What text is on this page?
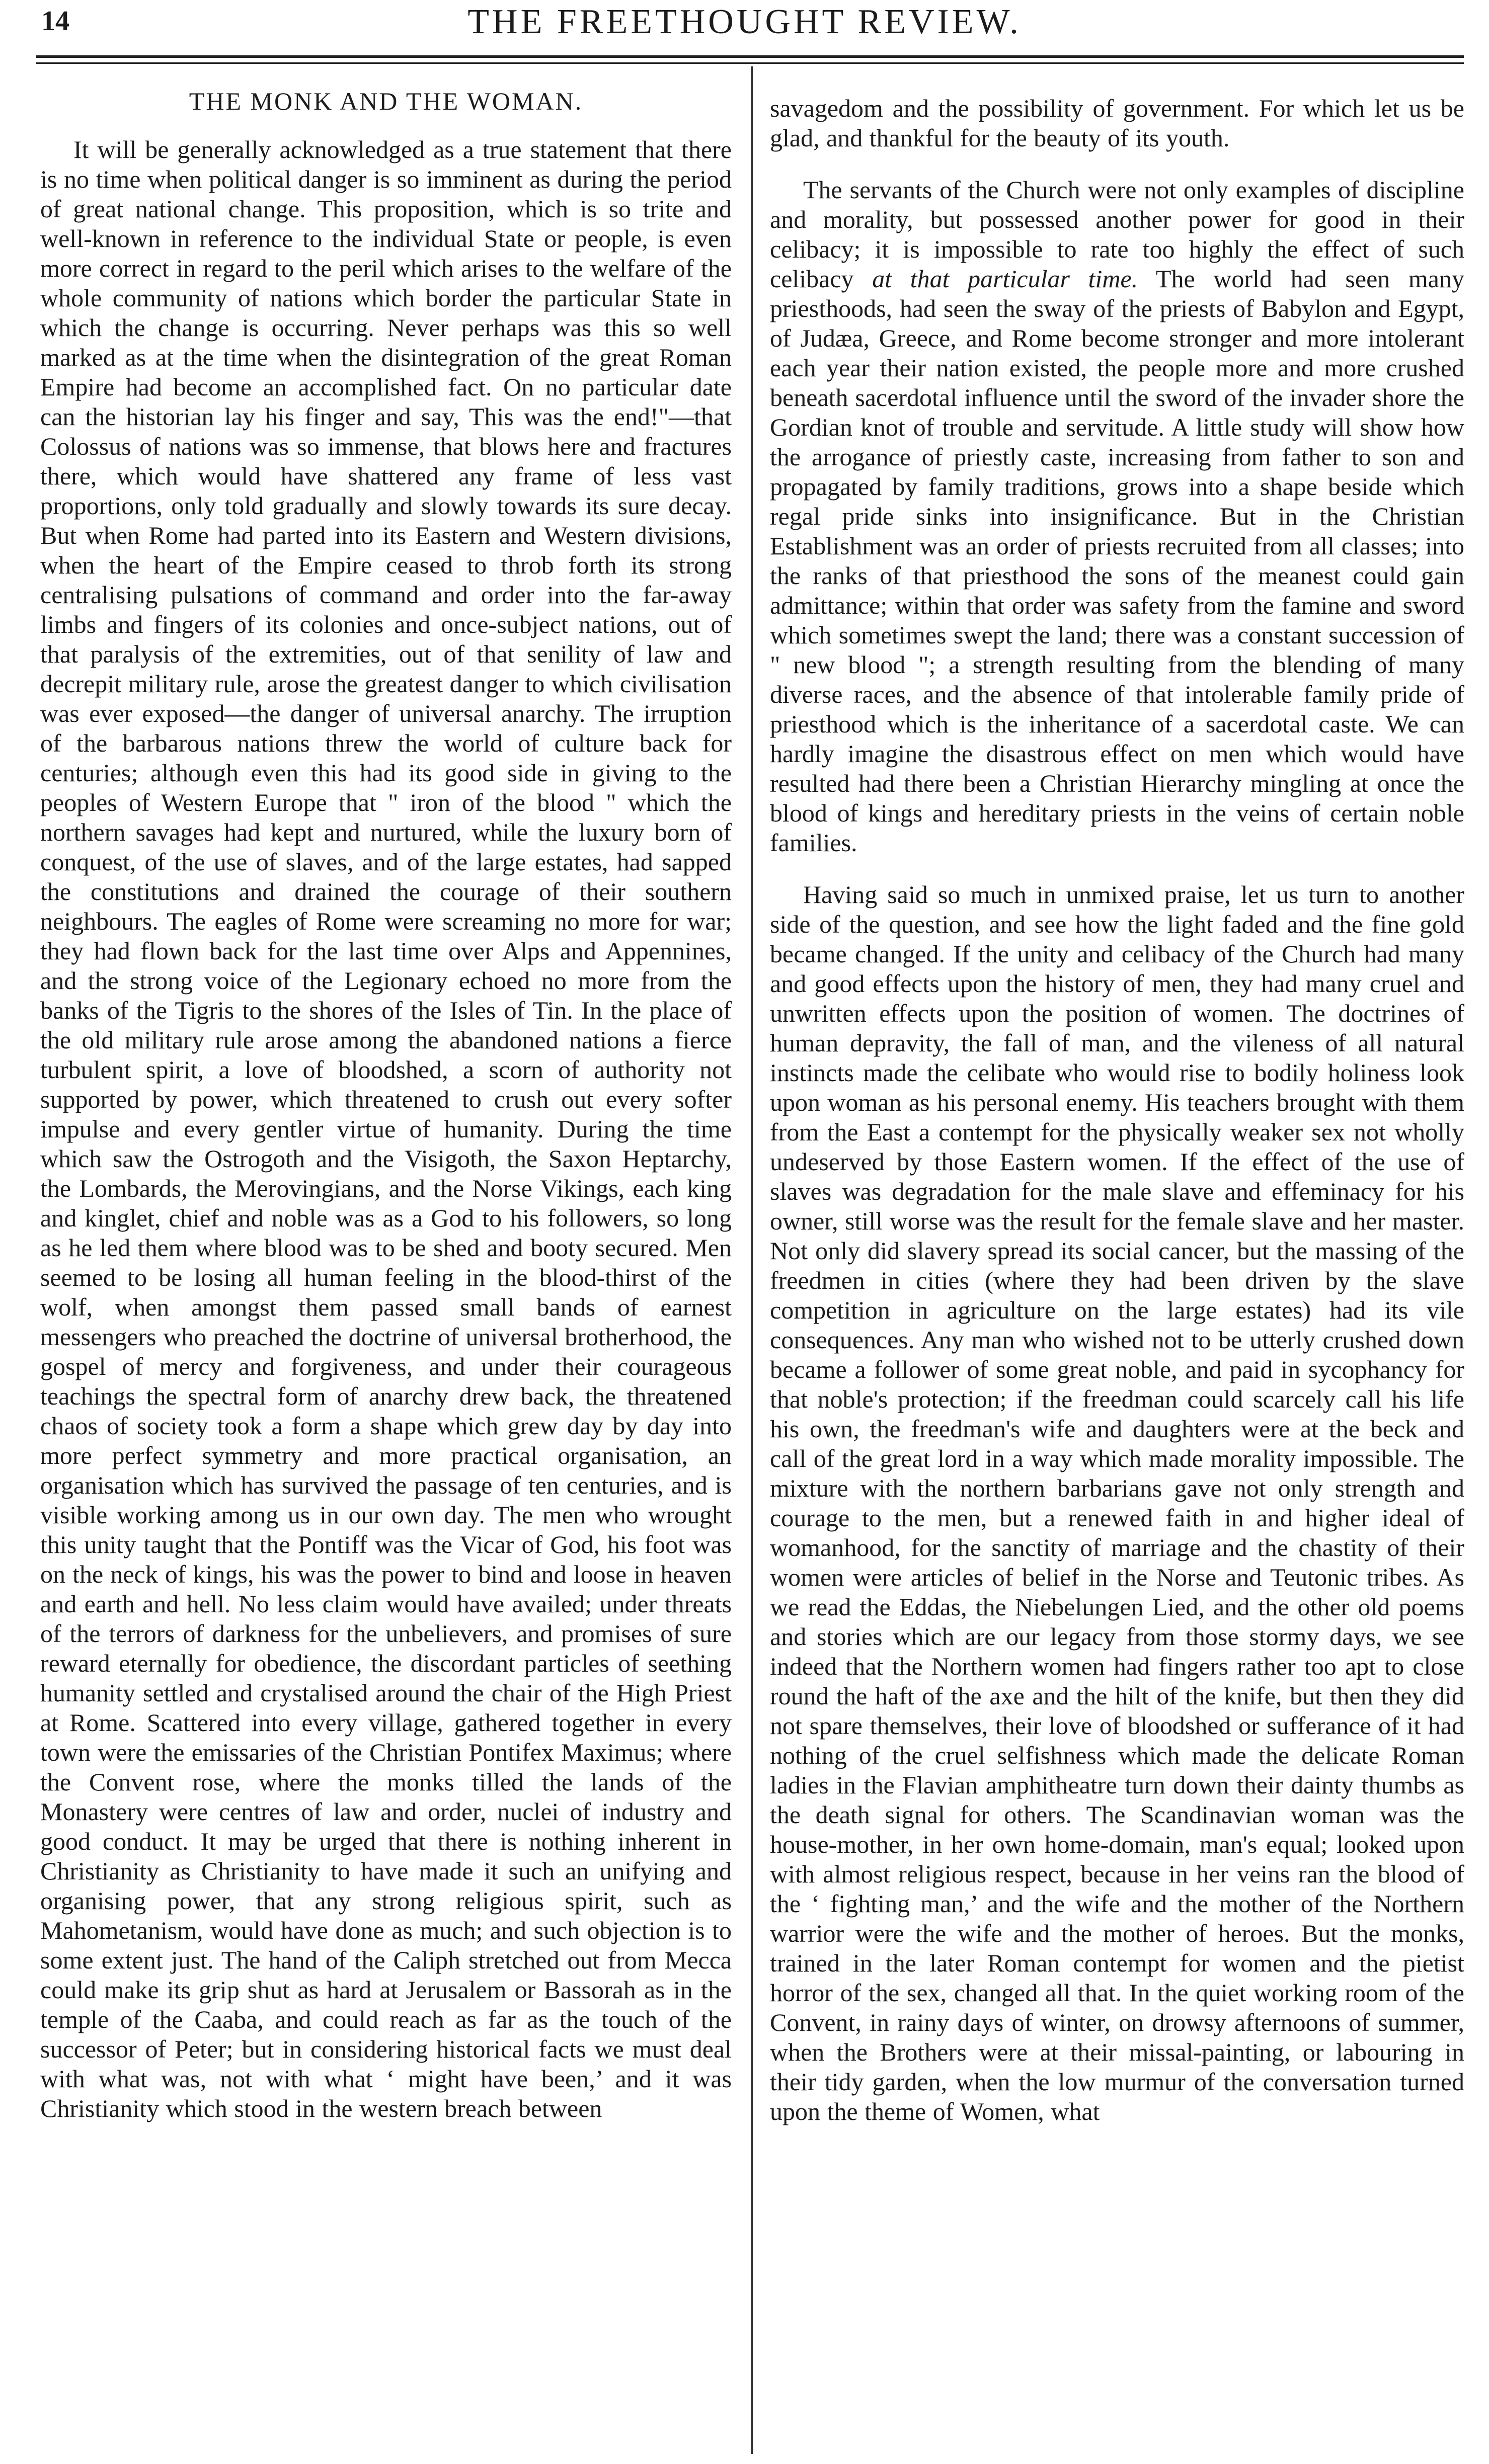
14	THE FREETHOUGHT REVIEW.
THE MONK AND THE WOMAN.

It will be generally acknowledged as a true statement that there is no time when political danger is so imminent as during the period of great national change. This proposition, which is so trite and well-known in reference to the individual State or people, is even more correct in regard to the peril which arises to the welfare of the whole community of nations which border the particular State in which the change is occurring. Never perhaps was this so well marked as at the time when the disintegration of the great Roman Empire had become an accomplished fact. On no particular date can the historian lay his finger and say, This was the end!"—that Colossus of nations was so immense, that blows here and fractures there, which would have shattered any frame of less vast proportions, only told gradually and slowly towards its sure decay. But when Rome had parted into its Eastern and Western divisions, when the heart of the Empire ceased to throb forth its strong centralising pulsations of command and order into the far-away limbs and fingers of its colonies and once-subject nations, out of that paralysis of the extremities, out of that senility of law and decrepit military rule, arose the greatest danger to which civilisation was ever exposed—the danger of universal anarchy. The irruption of the barbarous nations threw the world of culture back for centuries; although even this had its good side in giving to the peoples of Western Europe that " iron of the blood " which the northern savages had kept and nurtured, while the luxury born of conquest, of the use of slaves, and of the large estates, had sapped the constitutions and drained the courage of their southern neighbours. The eagles of Rome were screaming no more for war; they had flown back for the last time over Alps and Appennines, and the strong voice of the Legionary echoed no more from the banks of the Tigris to the shores of the Isles of Tin. In the place of the old military rule arose among the abandoned nations a fierce turbulent spirit, a love of bloodshed, a scorn of authority not supported by power, which threatened to crush out every softer impulse and every gentler virtue of humanity. During the time which saw the Ostrogoth and the Visigoth, the Saxon Heptarchy, the Lombards, the Merovingians, and the Norse Vikings, each king and kinglet, chief and noble was as a God to his followers, so long as he led them where blood was to be shed and booty secured. Men seemed to be losing all human feeling in the blood-thirst of the wolf, when amongst them passed small bands of earnest messengers who preached the doctrine of universal brotherhood, the gospel of mercy and forgiveness, and under their courageous teachings the spectral form of anarchy drew back, the threatened chaos of society took a form a shape which grew day by day into more perfect symmetry and more practical organisation, an organisation which has survived the passage of ten centuries, and is visible working among us in our own day. The men who wrought this unity taught that the Pontiff was the Vicar of God, his foot was on the neck of kings, his was the power to bind and loose in heaven and earth and hell. No less claim would have availed; under threats of the terrors of darkness for the unbelievers, and promises of sure reward eternally for obedience, the discordant particles of seething humanity settled and crystalised around the chair of the High Priest at Rome. Scattered into every village, gathered together in every town were the emissaries of the Christian Pontifex Maximus; where the Convent rose, where the monks tilled the lands of the Monastery were centres of law and order, nuclei of industry and good conduct. It may be urged that there is nothing inherent in Christianity as Christianity to have made it such an unifying and organising power, that any strong religious spirit, such as Mahometanism, would have done as much; and such objection is to some extent just. The hand of the Caliph stretched out from Mecca could make its grip shut as hard at Jerusalem or Bassorah as in the temple of the Caaba, and could reach as far as the touch of the successor of Peter; but in considering historical facts we must deal with what was, not with what ‘ might have been,’ and it was Christianity which stood in the western breach between

savagedom and the possibility of government. For which let us be glad, and thankful for the beauty of its youth.

The servants of the Church were not only examples of discipline and morality, but possessed another power for good in their celibacy; it is impossible to rate too highly the effect of such celibacy at that particular time. The world had seen many priesthoods, had seen the sway of the priests of Babylon and Egypt, of Judæa, Greece, and Rome become stronger and more intolerant each year their nation existed, the people more and more crushed beneath sacerdotal influence until the sword of the invader shore the Gordian knot of trouble and servitude. A little study will show how the arrogance of priestly caste, increasing from father to son and propagated by family traditions, grows into a shape beside which regal pride sinks into insignificance. But in the Christian Establishment was an order of priests recruited from all classes; into the ranks of that priesthood the sons of the meanest could gain admittance; within that order was safety from the famine and sword which sometimes swept the land; there was a constant succession of " new blood "; a strength resulting from the blending of many diverse races, and the absence of that intolerable family pride of priesthood which is the inheritance of a sacerdotal caste. We can hardly imagine the disastrous effect on men which would have resulted had there been a Christian Hierarchy mingling at once the blood of kings and hereditary priests in the veins of certain noble families.

Having said so much in unmixed praise, let us turn to another side of the question, and see how the light faded and the fine gold became changed. If the unity and celibacy of the Church had many and good effects upon the history of men, they had many cruel and unwritten effects upon the position of women. The doctrines of human depravity, the fall of man, and the vileness of all natural instincts made the celibate who would rise to bodily holiness look upon woman as his personal enemy. His teachers brought with them from the East a contempt for the physically weaker sex not wholly undeserved by those Eastern women. If the effect of the use of slaves was degradation for the male slave and effeminacy for his owner, still worse was the result for the female slave and her master. Not only did slavery spread its social cancer, but the massing of the freedmen in cities (where they had been driven by the slave competition in agriculture on the large estates) had its vile consequences. Any man who wished not to be utterly crushed down became a follower of some great noble, and paid in sycophancy for that noble's protection; if the freedman could scarcely call his life his own, the freedman's wife and daughters were at the beck and call of the great lord in a way which made morality impossible. The mixture with the northern barbarians gave not only strength and courage to the men, but a renewed faith in and higher ideal of womanhood, for the sanctity of marriage and the chastity of their women were articles of belief in the Norse and Teutonic tribes. As we read the Eddas, the Niebelungen Lied, and the other old poems and stories which are our legacy from those stormy days, we see indeed that the Northern women had fingers rather too apt to close round the haft of the axe and the hilt of the knife, but then they did not spare themselves, their love of bloodshed or sufferance of it had nothing of the cruel selfishness which made the delicate Roman ladies in the Flavian amphitheatre turn down their dainty thumbs as the death signal for others. The Scandinavian woman was the house-mother, in her own home-domain, man's equal; looked upon with almost religious respect, because in her veins ran the blood of the ‘ fighting man,’ and the wife and the mother of the Northern warrior were the wife and the mother of heroes. But the monks, trained in the later Roman contempt for women and the pietist horror of the sex, changed all that. In the quiet working room of the Convent, in rainy days of winter, on drowsy afternoons of summer, when the Brothers were at their missal-painting, or labouring in their tidy garden, when the low murmur of the conversation turned upon the theme of Women, what
